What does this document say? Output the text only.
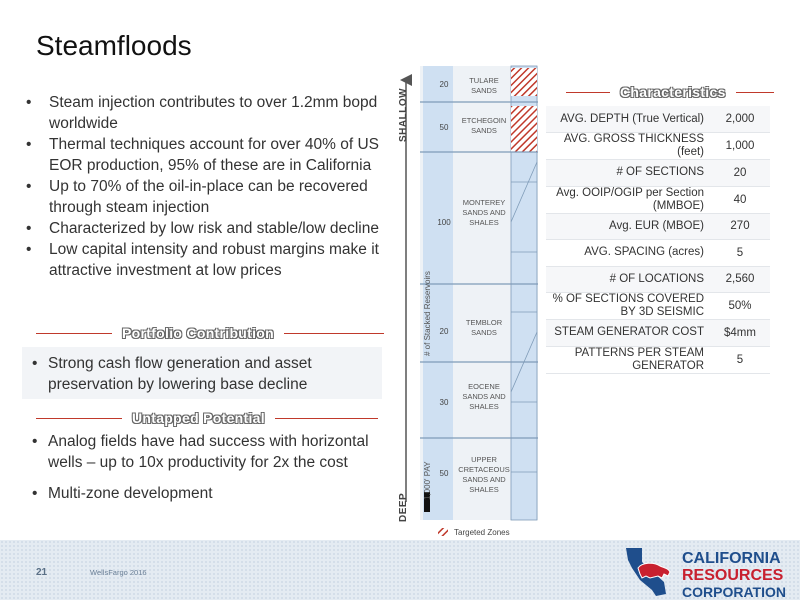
Steamfloods
• Steam injection contributes to over 1.2mm bopd worldwide
• Thermal techniques account for over 40% of US EOR production, 95% of these are in California
• Up to 70% of the oil-in-place can be recovered through steam injection
• Characterized by low risk and stable/low decline
• Low capital intensity and robust margins make it attractive investment at low prices
Portfolio Contribution
• Strong cash flow generation and asset preservation by lowering base decline
Untapped Potential
• Analog fields have had success with horizontal wells – up to 10x productivity for 2x the cost
• Multi-zone development
SHALLOW
DEEP
# of Stacked Reservoirs
1,000' PAY
20
50
100
20
30
50
TULARE SANDS
ETCHEGOIN SANDS
MONTEREY SANDS AND SHALES
TEMBLOR SANDS
EOCENE SANDS AND SHALES
UPPER CRETACEOUS SANDS AND SHALES
Targeted Zones
Characteristics
AVG. DEPTH (True Vertical)	2,000
AVG. GROSS THICKNESS (feet)	1,000
# OF SECTIONS	20
Avg. OOIP/OGIP per Section (MMBOE)	40
Avg. EUR (MBOE)	270
AVG. SPACING (acres)	5
# OF LOCATIONS	2,560
% OF SECTIONS COVERED BY 3D SEISMIC	50%
STEAM GENERATOR COST	$4mm
PATTERNS PER STEAM GENERATOR	5
21	WellsFargo 2016
CALIFORNIA
RESOURCES
CORPORATION
